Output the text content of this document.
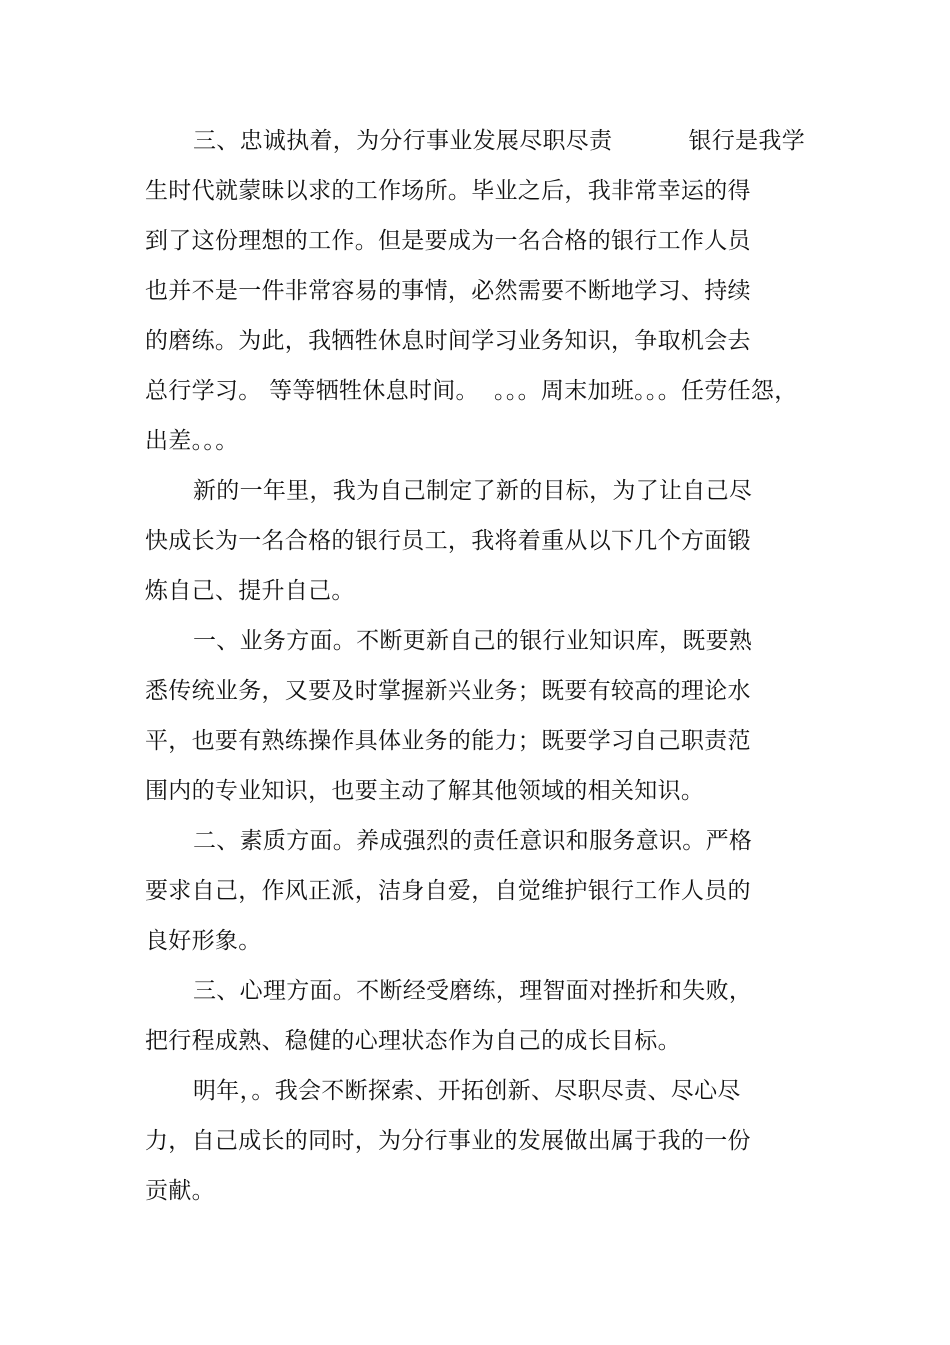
三、忠诚执着，为分行事业发展尽职尽责          银行是我学
生时代就蒙昧以求的工作场所。毕业之后，我非常幸运的得
到了这份理想的工作。但是要成为一名合格的银行工作人员
也并不是一件非常容易的事情，必然需要不断地学习、持续
的磨练。为此，我牺牲休息时间学习业务知识，争取机会去
总行学习。 等等牺牲休息时间。  。。。周末加班。。。任劳任怨，
出差。。。
新的一年里，我为自己制定了新的目标，为了让自己尽
快成长为一名合格的银行员工，我将着重从以下几个方面锻
炼自己、提升自己。
一、业务方面。不断更新自己的银行业知识库，既要熟
悉传统业务，又要及时掌握新兴业务；既要有较高的理论水
平，也要有熟练操作具体业务的能力；既要学习自己职责范
围内的专业知识，也要主动了解其他领域的相关知识。
二、素质方面。养成强烈的责任意识和服务意识。严格
要求自己，作风正派，洁身自爱，自觉维护银行工作人员的
良好形象。
三、心理方面。不断经受磨练，理智面对挫折和失败，
把行程成熟、稳健的心理状态作为自己的成长目标。
明年，。我会不断探索、开拓创新、尽职尽责、尽心尽
力，自己成长的同时，为分行事业的发展做出属于我的一份
贡献。
